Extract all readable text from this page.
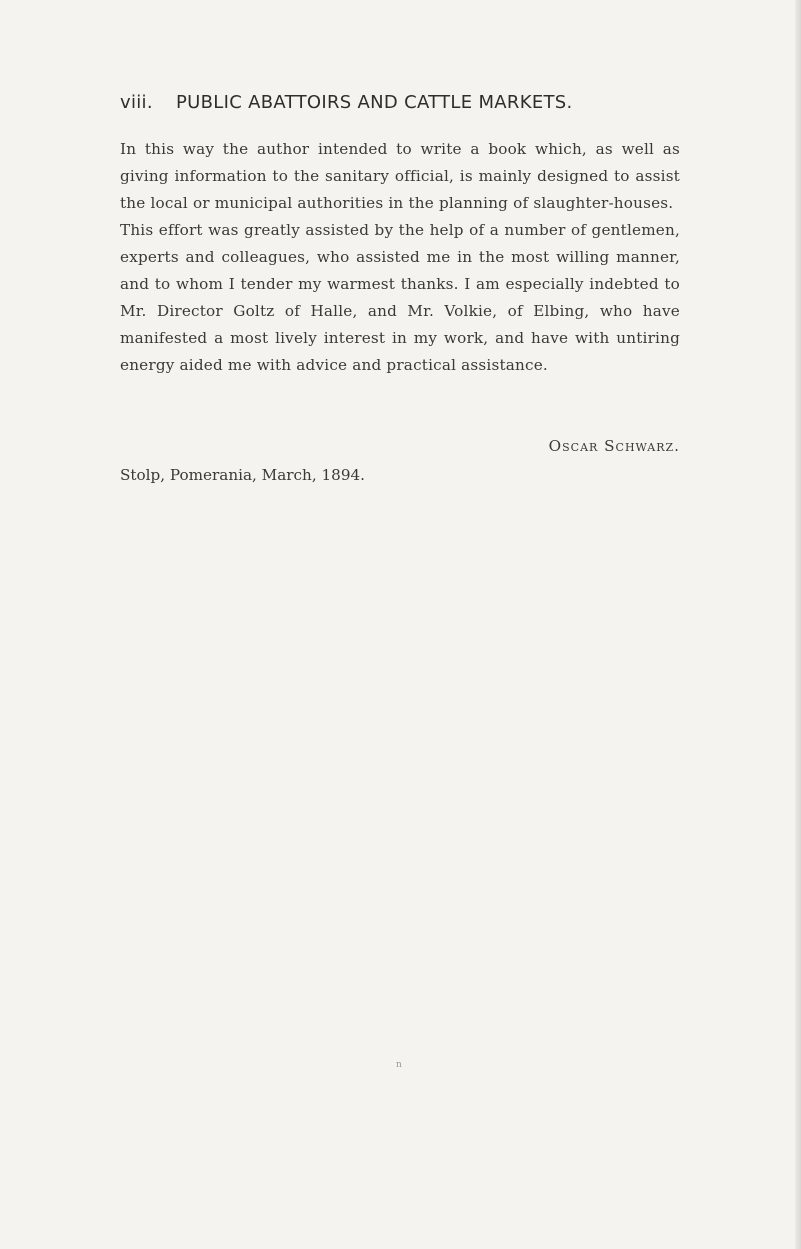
viii. PUBLIC ABATTOIRS AND CATTLE MARKETS.

In this way the author intended to write a book which, as well as giving information to the sanitary official, is mainly designed to assist the local or municipal authorities in the planning of slaughter-houses.

This effort was greatly assisted by the help of a number of gentlemen, experts and colleagues, who assisted me in the most willing manner, and to whom I tender my warmest thanks. I am especially indebted to Mr. Director Goltz of Halle, and Mr. Volkie, of Elbing, who have manifested a most lively interest in my work, and have with untiring energy aided me with advice and practical assistance.

Oscar Schwarz.
Stolp, Pomerania, March, 1894.
n
